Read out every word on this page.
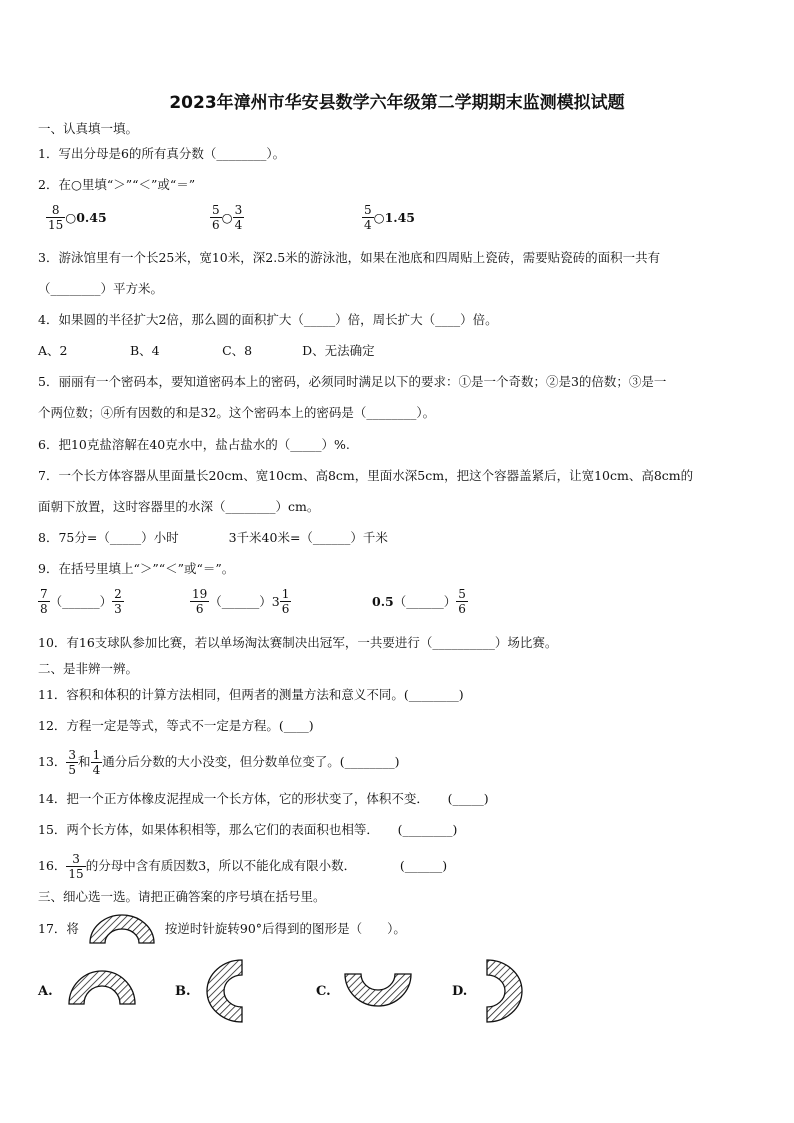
2023年漳州市华安县数学六年级第二学期期末监测模拟试题
一、认真填一填。
1．写出分母是6的所有真分数（________）。
2．在○里填“＞”“＜”或“＝”
$\frac{8}{15}$ ○ 0.45	$\frac{5}{6}$ ○ $\frac{3}{4}$	$\frac{5}{4}$ ○ 1.45
3．游泳馆里有一个长25米，宽10米，深2.5米的游泳池，如果在池底和四周贴上瓷砖，需要贴瓷砖的面积一共有
（________）平方米。
4．如果圆的半径扩大2倍，那么圆的面积扩大（_____）倍，周长扩大（____）倍。
A、2　　　　　B、4　　　　　C、8　　　　D、无法确定
5．丽丽有一个密码本，要知道密码本上的密码，必须同时满足以下的要求：①是一个奇数；②是3的倍数；③是一
个两位数；④所有因数的和是32。这个密码本上的密码是（________）。
6．把10克盐溶解在40克水中，盐占盐水的（_____）%.
7．一个长方体容器从里面量长20cm、宽10cm、高8cm，里面水深5cm，把这个容器盖紧后，让宽10cm、高8cm的
面朝下放置，这时容器里的水深（________）cm。
8．75分=（_____）小时　　　　3千米40米=（______）千米
9．在括号里填上“＞”“＜”或“＝”。
$\frac{7}{8}$ （______） $\frac{2}{3}$	$\frac{19}{6}$ （______） $3 \frac{1}{6}$	0.5 （______） $\frac{5}{6}$
10．有16支球队参加比赛，若以单场淘汰赛制决出冠军，一共要进行（__________）场比赛。
二、是非辨一辨。
11．容积和体积的计算方法相同，但两者的测量方法和意义不同。(________)
12．方程一定是等式，等式不一定是方程。(____)
13． $\frac{3}{5}$ 和 $\frac{1}{4}$ 通分后分数的大小没变，但分数单位变了。(________)
14．把一个正方体橡皮泥捏成一个长方体，它的形状变了，体积不变．　　(_____)
15．两个长方体，如果体积相等，那么它们的表面积也相等．　　(________)
16． $\frac{3}{15}$ 的分母中含有质因数3，所以不能化成有限小数．　　　　(______)
三、细心选一选。请把正确答案的序号填在括号里。
17．将	按逆时针旋转90°后得到的图形是（　　）。
A.	B.	C.	D.
